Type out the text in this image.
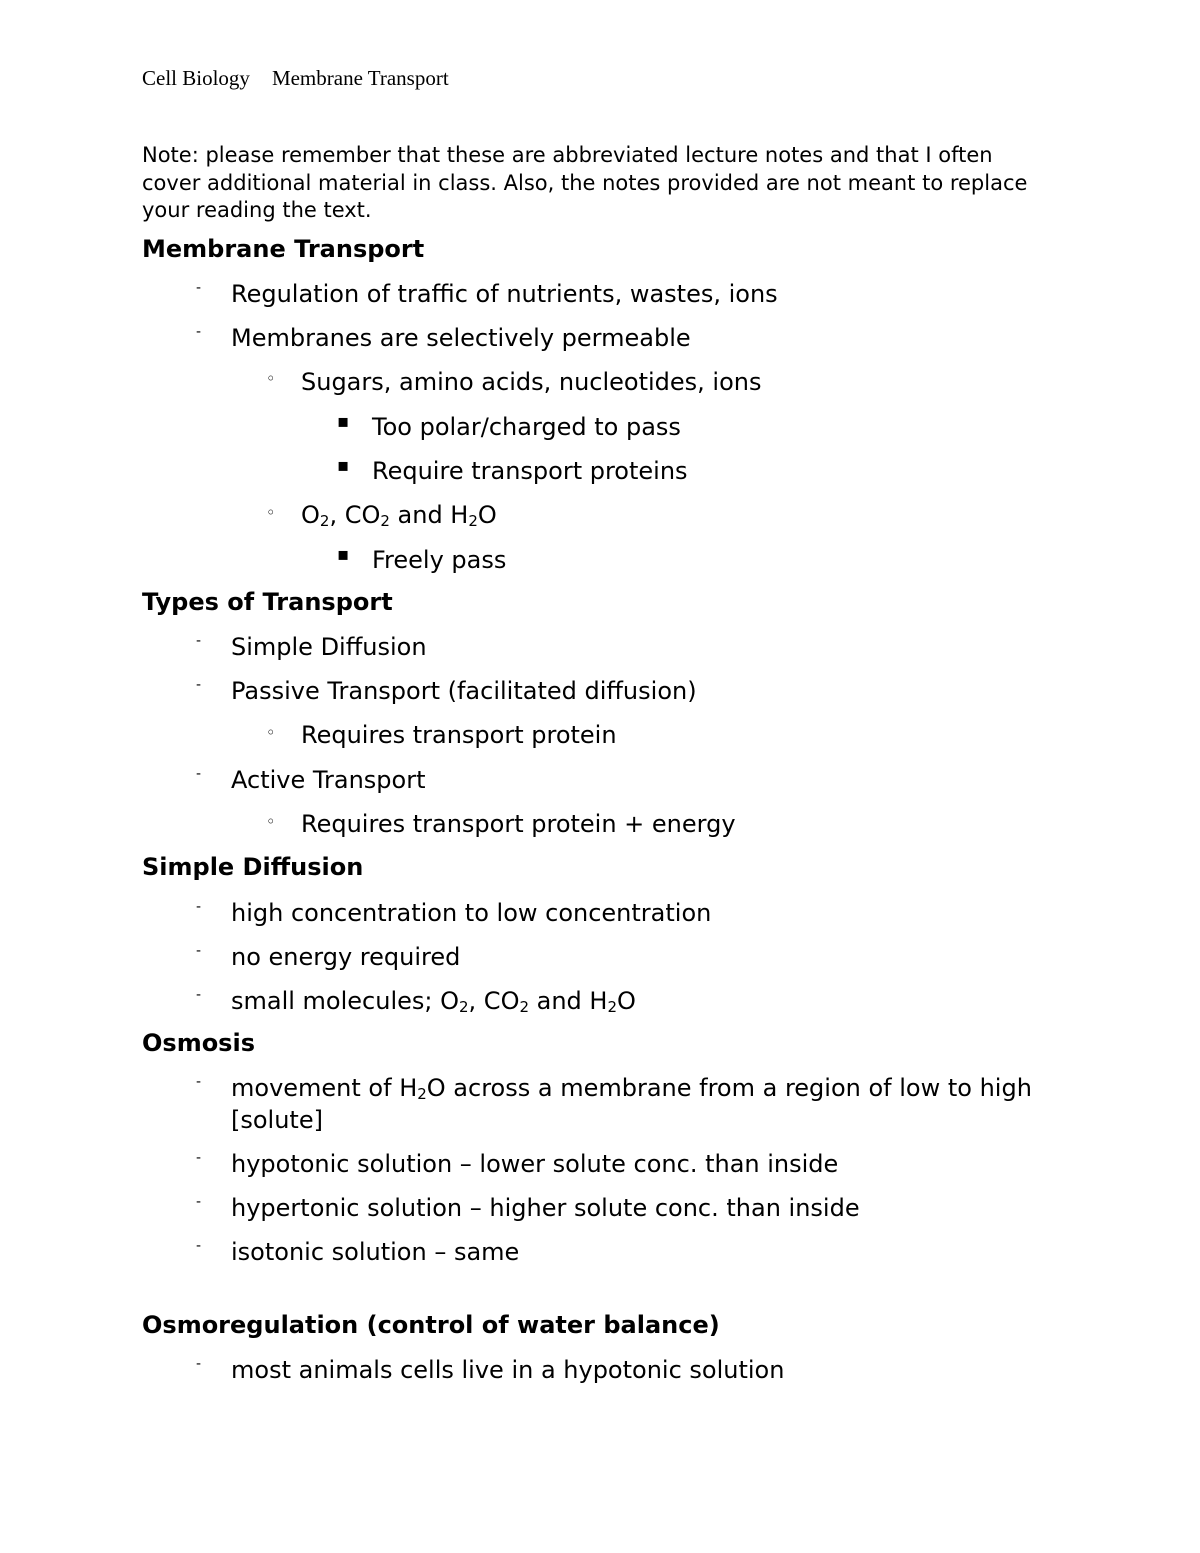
Cell Biology Membrane Transport
Note: please remember that these are abbreviated lecture notes and that I often cover additional material in class. Also, the notes provided are not meant to replace your reading the text.
Membrane Transport
- Regulation of traffic of nutrients, wastes, ions
- Membranes are selectively permeable
◦ Sugars, amino acids, nucleotides, ions
▪ Too polar/charged to pass
▪ Require transport proteins
◦ $O_2$, $CO_2$ and $H_2O$
▪ Freely pass
Types of Transport
- Simple Diffusion
- Passive Transport (facilitated diffusion)
◦ Requires transport protein
- Active Transport
◦ Requires transport protein + energy
Simple Diffusion
- high concentration to low concentration
- no energy required
- small molecules; $O_2$, $CO_2$ and $H_2O$
Osmosis
- movement of $H_2O$ across a membrane from a region of low to high [solute]
- hypotonic solution – lower solute conc. than inside
- hypertonic solution – higher solute conc. than inside
- isotonic solution – same
Osmoregulation (control of water balance)
- most animals cells live in a hypotonic solution
